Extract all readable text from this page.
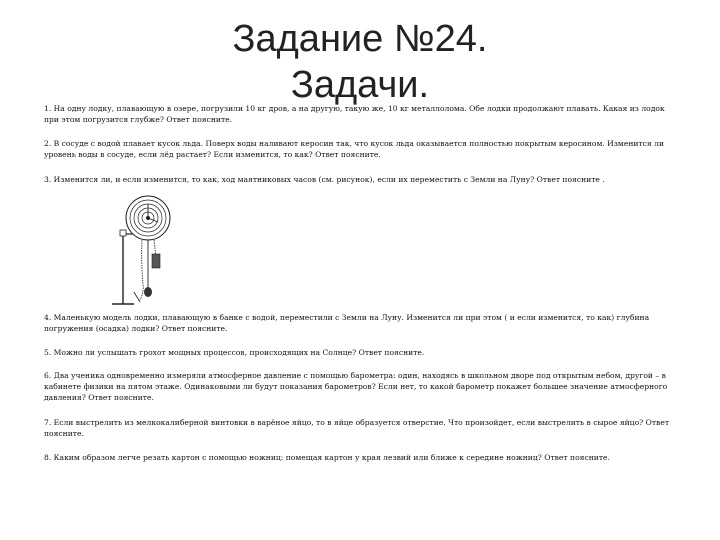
Задание №24.
Задачи.
1. На одну лодку, плавающую в озере, погрузили 10 кг дров, а на другую, такую же, 10 кг металлолома. Обе лодки продолжают плавать. Какая из лодок при этом погрузится глубже? Ответ поясните.
2. В сосуде с водой плавает кусок льда. Поверх воды наливают керосин так, что кусок льда оказывается полностью покрытым керосином. Изменится ли уровень воды в сосуде, если лёд растает? Если изменится, то как? Ответ поясните.
3. Изменится ли, и если изменится, то как, ход маятниковых часов (см. рисунок), если их переместить с Земли на Луну? Ответ поясните .
4. Маленькую модель лодки, плавающую в банке с водой, переместили с Земли на Луну. Изменится ли при этом ( и если изменится, то как) глубина погружения (осадка) лодки? Ответ поясните.
5. Можно ли услышать грохот мощных процессов, происходящих на Солнце? Ответ поясните.
6. Два ученика одновременно измеряли атмосферное давление с помощью барометра: один, находясь в школьном дворе под открытым небом, другой – в кабинете физики на пятом этаже. Одинаковыми ли будут показания барометров? Если нет, то какой барометр покажет большее значение атмосферного давления? Ответ поясните.
7. Если выстрелить из мелкокалиберной винтовки в варёное яйцо, то в яйце образуется отверстие. Что произойдет, если выстрелить в сырое яйцо? Ответ поясните.
8. Каким образом легче резать картон с помощью ножниц: помещая картон у края лезвий или ближе к середине ножниц? Ответ поясните.
